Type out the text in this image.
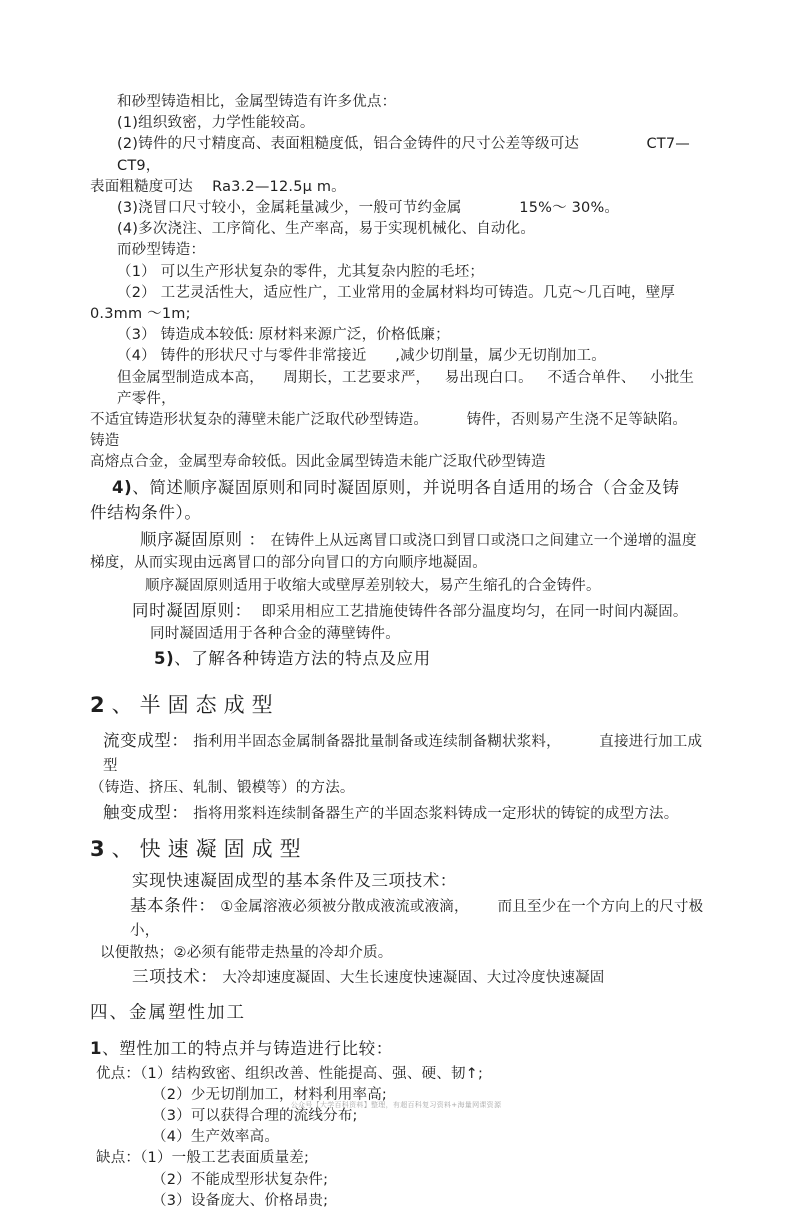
和砂型铸造相比，金属型铸造有许多优点：
(1)组织致密，力学性能较高。
(2)铸件的尺寸精度高、表面粗糙度低，铝合金铸件的尺寸公差等级可达	CT7—CT9，
表面粗糙度可达    Ra3.2—12.5μ m。
(3)浇冒口尺寸较小，金属耗量减少，一般可节约金属	15%～ 30%。
(4)多次浇注、工序简化、生产率高，易于实现机械化、自动化。
而砂型铸造：
（1） 可以生产形状复杂的零件，尤其复杂内腔的毛坯；
（2） 工艺灵活性大，适应性广，工业常用的金属材料均可铸造。几克～几百吨，壁厚
0.3mm ～1m;
（3） 铸造成本较低: 原材料来源广泛，价格低廉；
（4） 铸件的形状尺寸与零件非常接近 ,减少切削量，属少无切削加工。
但金属型制造成本高， 周期长，工艺要求严， 易出现白口。 不适合单件、 小批生产零件，
不适宜铸造形状复杂的薄壁未能广泛取代砂型铸造。	铸件，否则易产生浇不足等缺陷。    铸造
高熔点合金，金属型寿命较低。因此金属型铸造未能广泛取代砂型铸造
4)、简述顺序凝固原则和同时凝固原则，并说明各自适用的场合（合金及铸
件结构条件）。
顺序凝固原则 ： 在铸件上从远离冒口或浇口到冒口或浇口之间建立一个递增的温度
梯度，从而实现由远离冒口的部分向冒口的方向顺序地凝固。
顺序凝固原则适用于收缩大或壁厚差别较大，易产生缩孔的合金铸件。
同时凝固原则：  即采用相应工艺措施使铸件各部分温度均匀，在同一时间内凝固。
同时凝固适用于各种合金的薄壁铸件。
5)、了解各种铸造方法的特点及应用
2、半固态成型
流变成型： 指利用半固态金属制备器批量制备或连续制备糊状浆料，	直接进行加工成型
（铸造、挤压、轧制、锻模等）的方法。
触变成型： 指将用浆料连续制备器生产的半固态浆料铸成一定形状的铸锭的成型方法。
3、快速凝固成型
实现快速凝固成型的基本条件及三项技术：
基本条件： ①金属溶液必须被分散成液流或液滴， 而且至少在一个方向上的尺寸极小，
以便散热；②必须有能带走热量的冷却介质。
三项技术： 大冷却速度凝固、大生长速度快速凝固、大过冷度快速凝固
四、金属塑性加工
1、塑性加工的特点并与铸造进行比较：
优点：（1）结构致密、组织改善、性能提高、强、硬、韧↑;
（2）少无切削加工，材料利用率高;
（3）可以获得合理的流线分布;
（4）生产效率高。
缺点：（1）一般工艺表面质量差;
（2）不能成型形状复杂件;
（3）设备庞大、价格昂贵;
公众号【大学百科资料】整理，有超百科复习资料+海量网课资源
